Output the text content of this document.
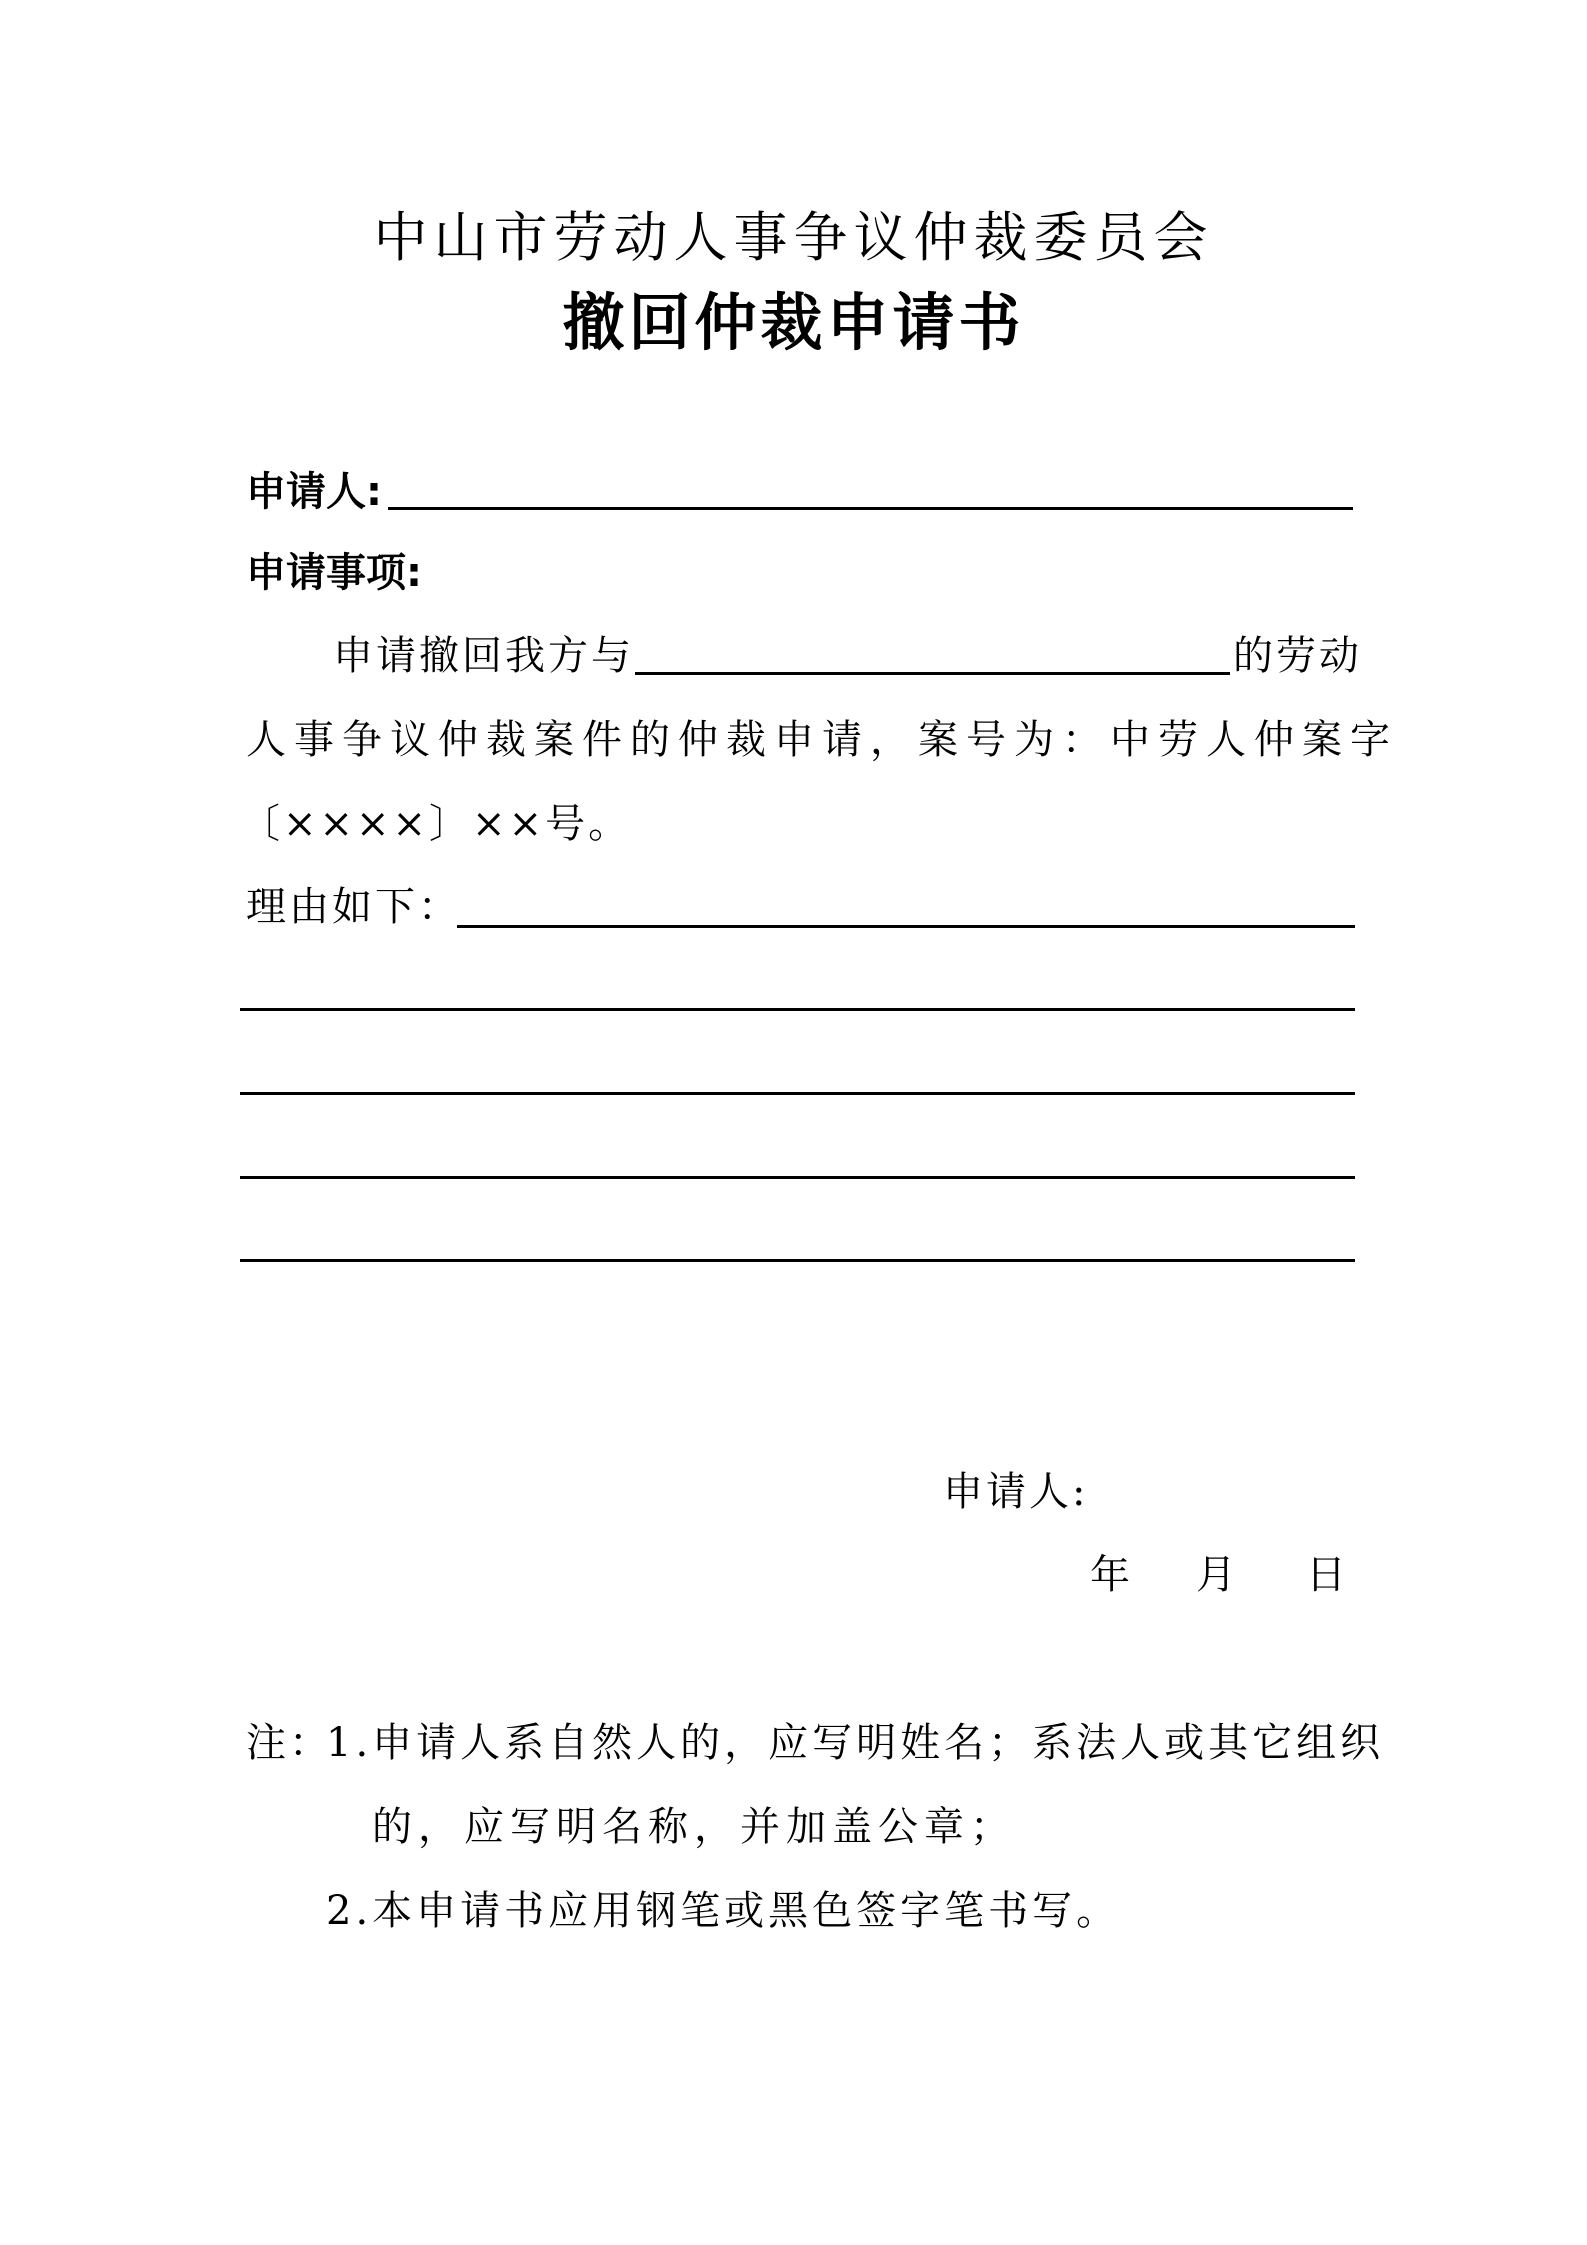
中山市劳动人事争议仲裁委员会
撤回仲裁申请书
申请人:
申请事项:
申请撤回我方与	的劳动
人事争议仲裁案件的仲裁申请，案号为：中劳人仲案字
〔××××〕××号。
理由如下：
申请人:
年 月 日
注：
1.申请人系自然人的，应写明姓名；系法人或其它组织
的，应写明名称，并加盖公章；
2.本申请书应用钢笔或黑色签字笔书写。
